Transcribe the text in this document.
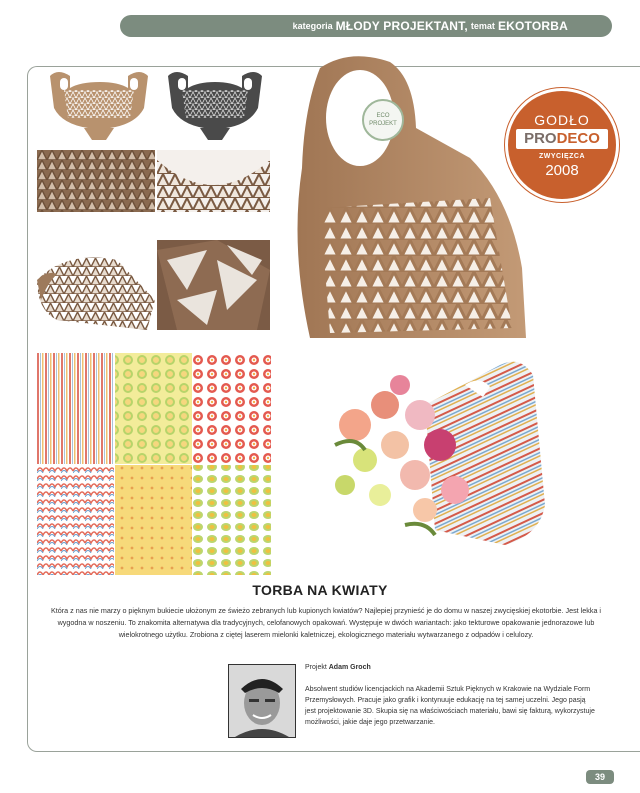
kategoria MŁODY PROJEKTANT, temat EKOTORBA
ECO
PROJEKT	GODŁO
PRODECO
ZWYCIĘZCA
2008
TORBA NA KWIATY
Która z nas nie marzy o pięknym bukiecie ułożonym ze świeżo zebranych lub kupionych kwiatów? Najlepiej przynieść je do domu w naszej zwycięskiej ekotorbie. Jest lekka i wygodna w noszeniu. To znakomita alternatywa dla tradycyjnych, celofanowych opakowań. Występuje w dwóch wariantach: jako tekturowe opakowanie jednorazowe lub wielokrotnego użytku. Zrobiona z ciętej laserem mielonki kaletniczej, ekologicznego materiału wytwarzanego z odpadów i celulozy.
Projekt Adam Groch
Absolwent studiów licencjackich na Akademii Sztuk Pięknych w Krakowie na Wydziale Form Przemysłowych. Pracuje jako grafik i kontynuuje edukację na tej samej uczelni. Jego pasją jest projektowanie 3D. Skupia się na właściwościach materiału, bawi się fakturą, wykorzystuje możliwości, jakie daje jego przetwarzanie.
39
